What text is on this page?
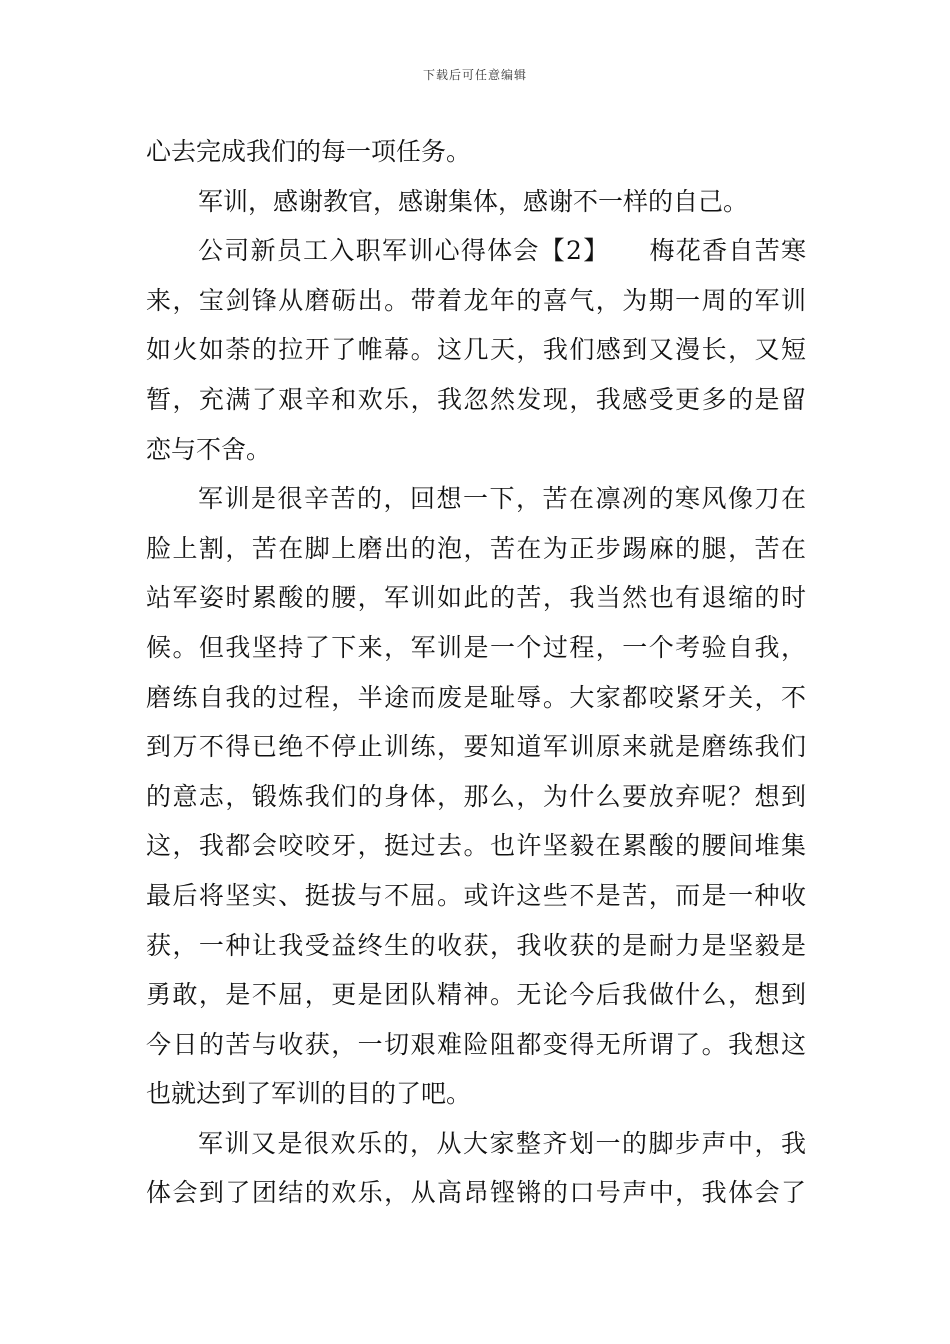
下载后可任意编辑
心去完成我们的每一项任务。
军训，感谢教官，感谢集体，感谢不一样的自己。
公司新员工入职军训心得体会【2】　　梅花香自苦寒
来，宝剑锋从磨砺出。带着龙年的喜气，为期一周的军训
如火如荼的拉开了帷幕。这几天，我们感到又漫长，又短
暂，充满了艰辛和欢乐，我忽然发现，我感受更多的是留
恋与不舍。
军训是很辛苦的，回想一下，苦在凛冽的寒风像刀在
脸上割，苦在脚上磨出的泡，苦在为正步踢麻的腿，苦在
站军姿时累酸的腰，军训如此的苦，我当然也有退缩的时
候。但我坚持了下来，军训是一个过程，一个考验自我，
磨练自我的过程，半途而废是耻辱。大家都咬紧牙关，不
到万不得已绝不停止训练，要知道军训原来就是磨练我们
的意志，锻炼我们的身体，那么，为什么要放弃呢？想到
这，我都会咬咬牙，挺过去。也许坚毅在累酸的腰间堆集
最后将坚实、挺拔与不屈。或许这些不是苦，而是一种收
获，一种让我受益终生的收获，我收获的是耐力是坚毅是
勇敢，是不屈，更是团队精神。无论今后我做什么，想到
今日的苦与收获，一切艰难险阻都变得无所谓了。我想这
也就达到了军训的目的了吧。
军训又是很欢乐的，从大家整齐划一的脚步声中，我
体会到了团结的欢乐，从高昂铿锵的口号声中，我体会了
